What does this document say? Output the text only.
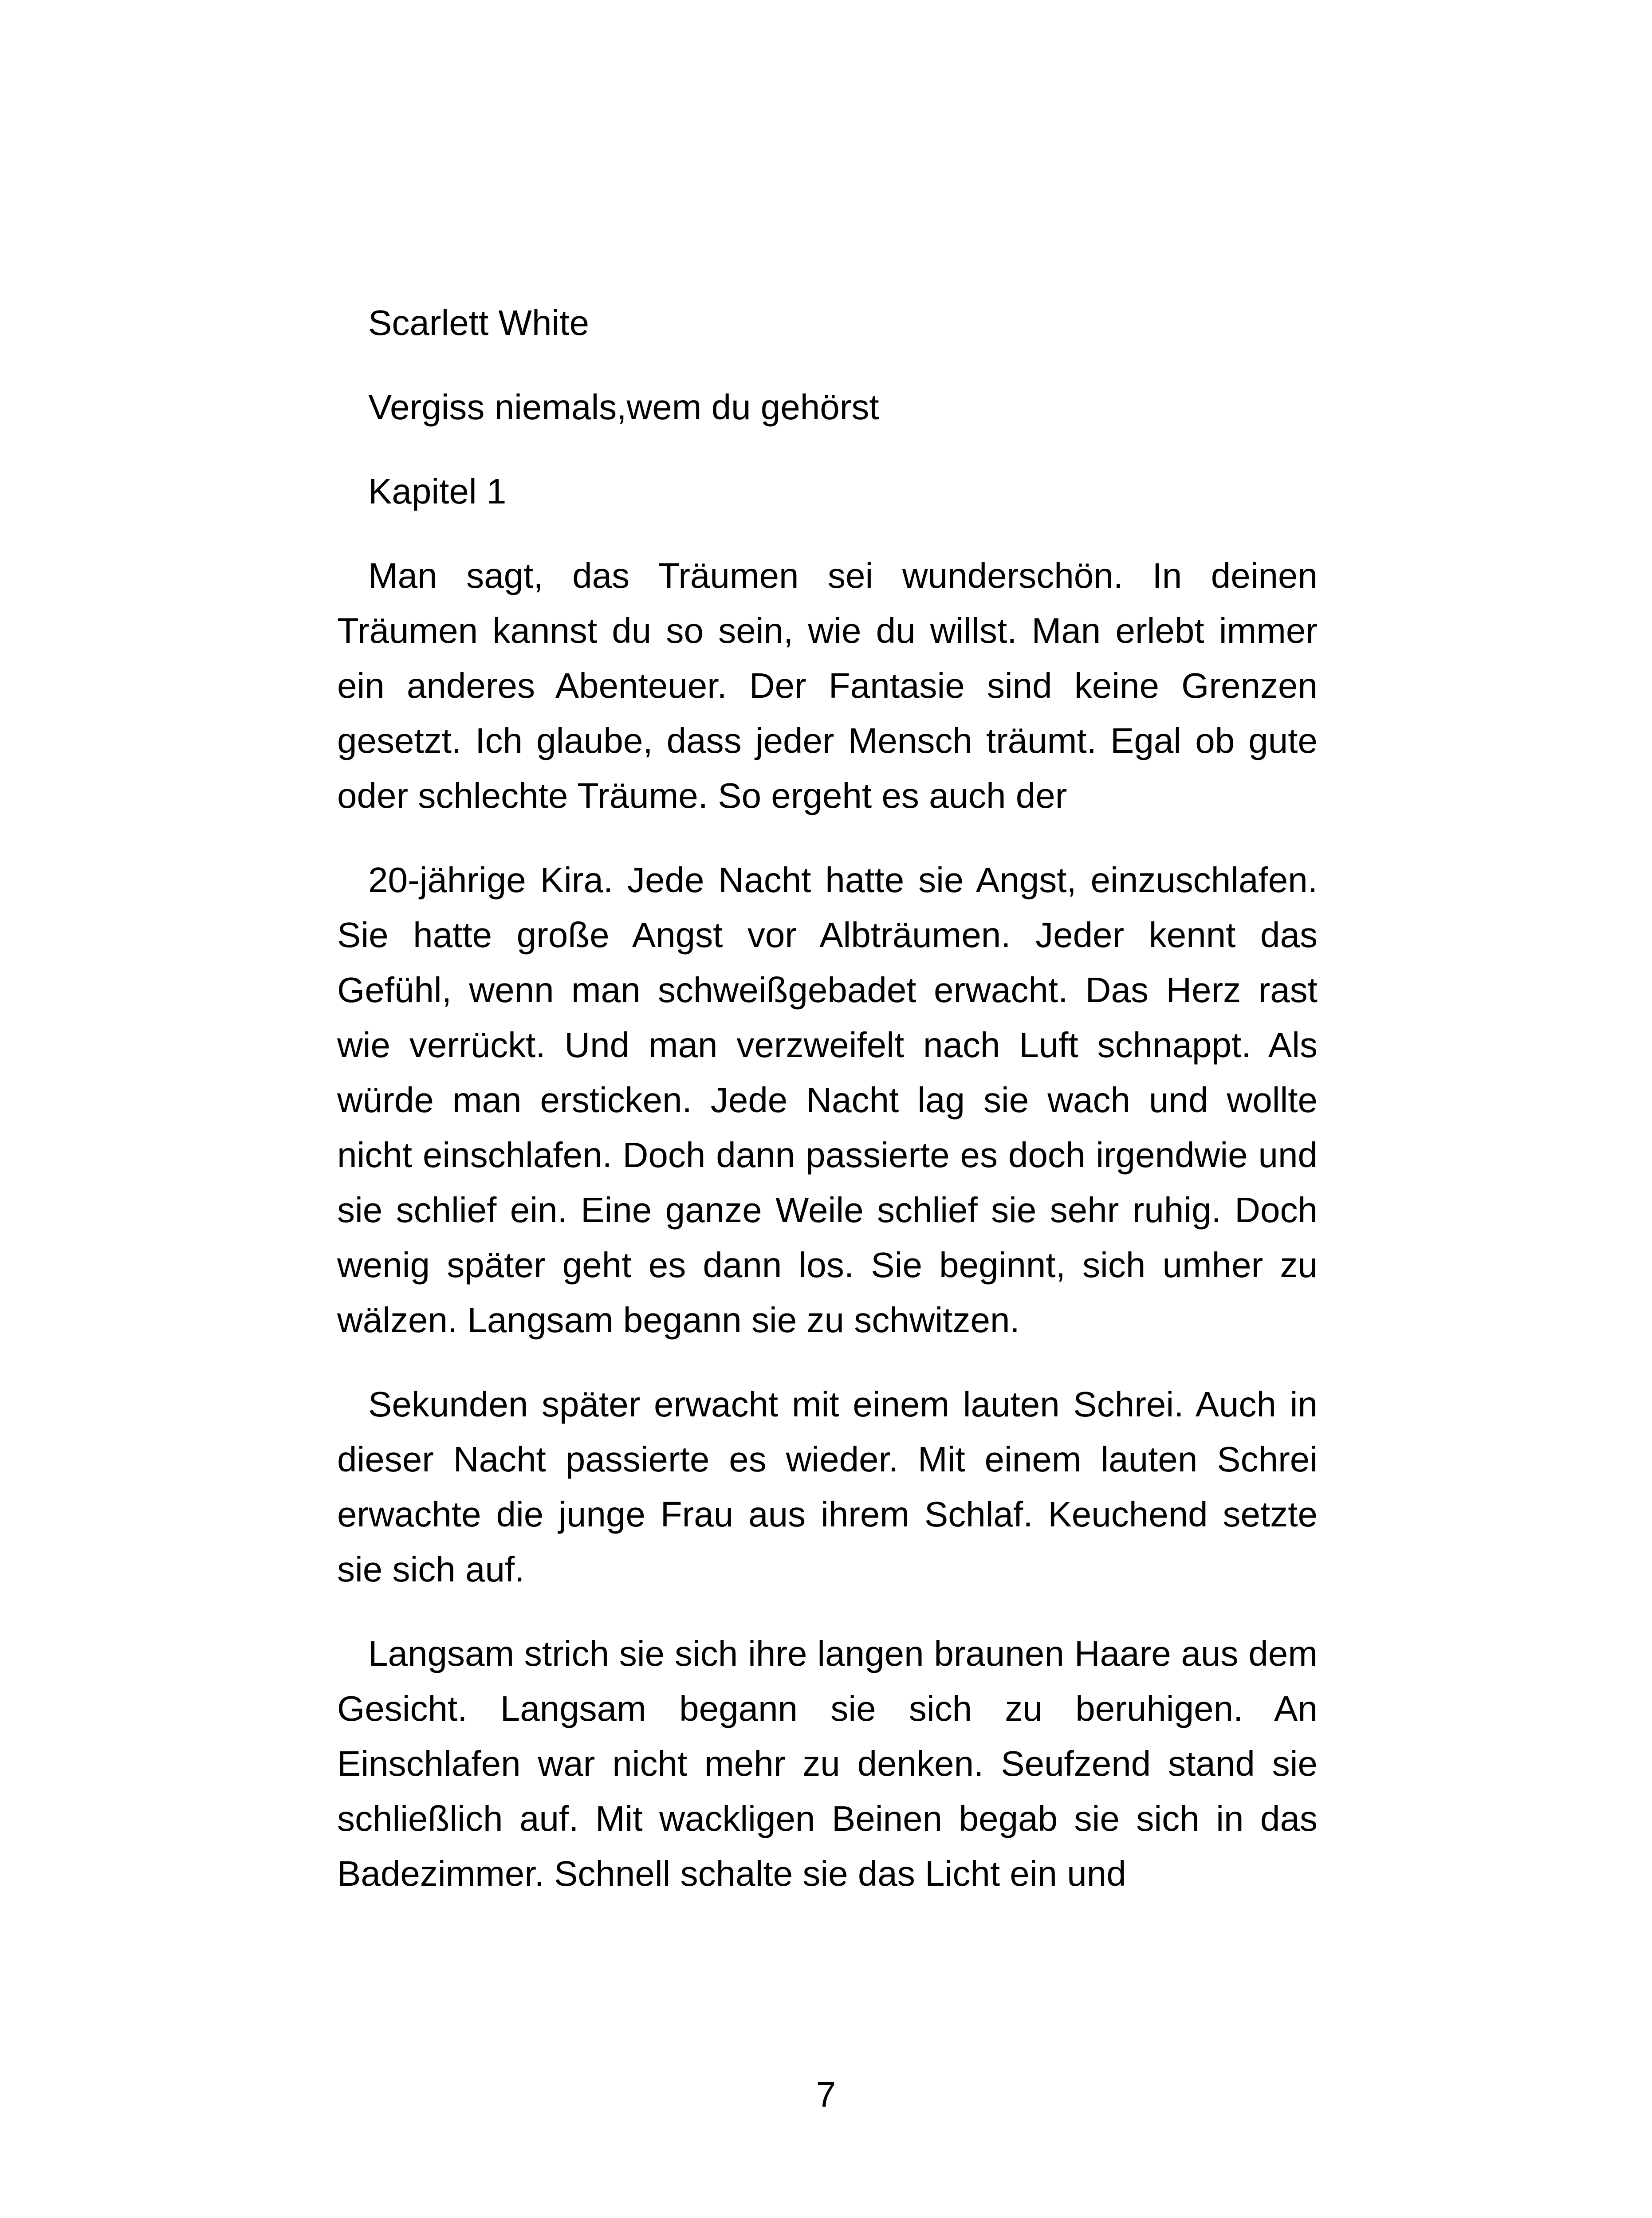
Scarlett White

Vergiss niemals,wem du gehörst

Kapitel 1

Man sagt, das Träumen sei wunderschön. In deinen Träumen kannst du so sein, wie du willst. Man erlebt immer ein anderes Abenteuer. Der Fantasie sind keine Grenzen gesetzt. Ich glaube, dass jeder Mensch träumt. Egal ob gute oder schlechte Träume. So ergeht es auch der

20-jährige Kira. Jede Nacht hatte sie Angst, einzuschlafen. Sie hatte große Angst vor Albträumen. Jeder kennt das Gefühl, wenn man schweißgebadet erwacht. Das Herz rast wie verrückt. Und man verzweifelt nach Luft schnappt. Als würde man ersticken. Jede Nacht lag sie wach und wollte nicht einschlafen. Doch dann passierte es doch irgendwie und sie schlief ein. Eine ganze Weile schlief sie sehr ruhig. Doch wenig später geht es dann los. Sie beginnt, sich umher zu wälzen. Langsam begann sie zu schwitzen.

Sekunden später erwacht mit einem lauten Schrei. Auch in dieser Nacht passierte es wieder. Mit einem lauten Schrei erwachte die junge Frau aus ihrem Schlaf. Keuchend setzte sie sich auf.

Langsam strich sie sich ihre langen braunen Haare aus dem Gesicht. Langsam begann sie sich zu beruhigen. An Einschlafen war nicht mehr zu denken. Seufzend stand sie schließlich auf. Mit wackligen Beinen begab sie sich in das Badezimmer. Schnell schalte sie das Licht ein und

7
